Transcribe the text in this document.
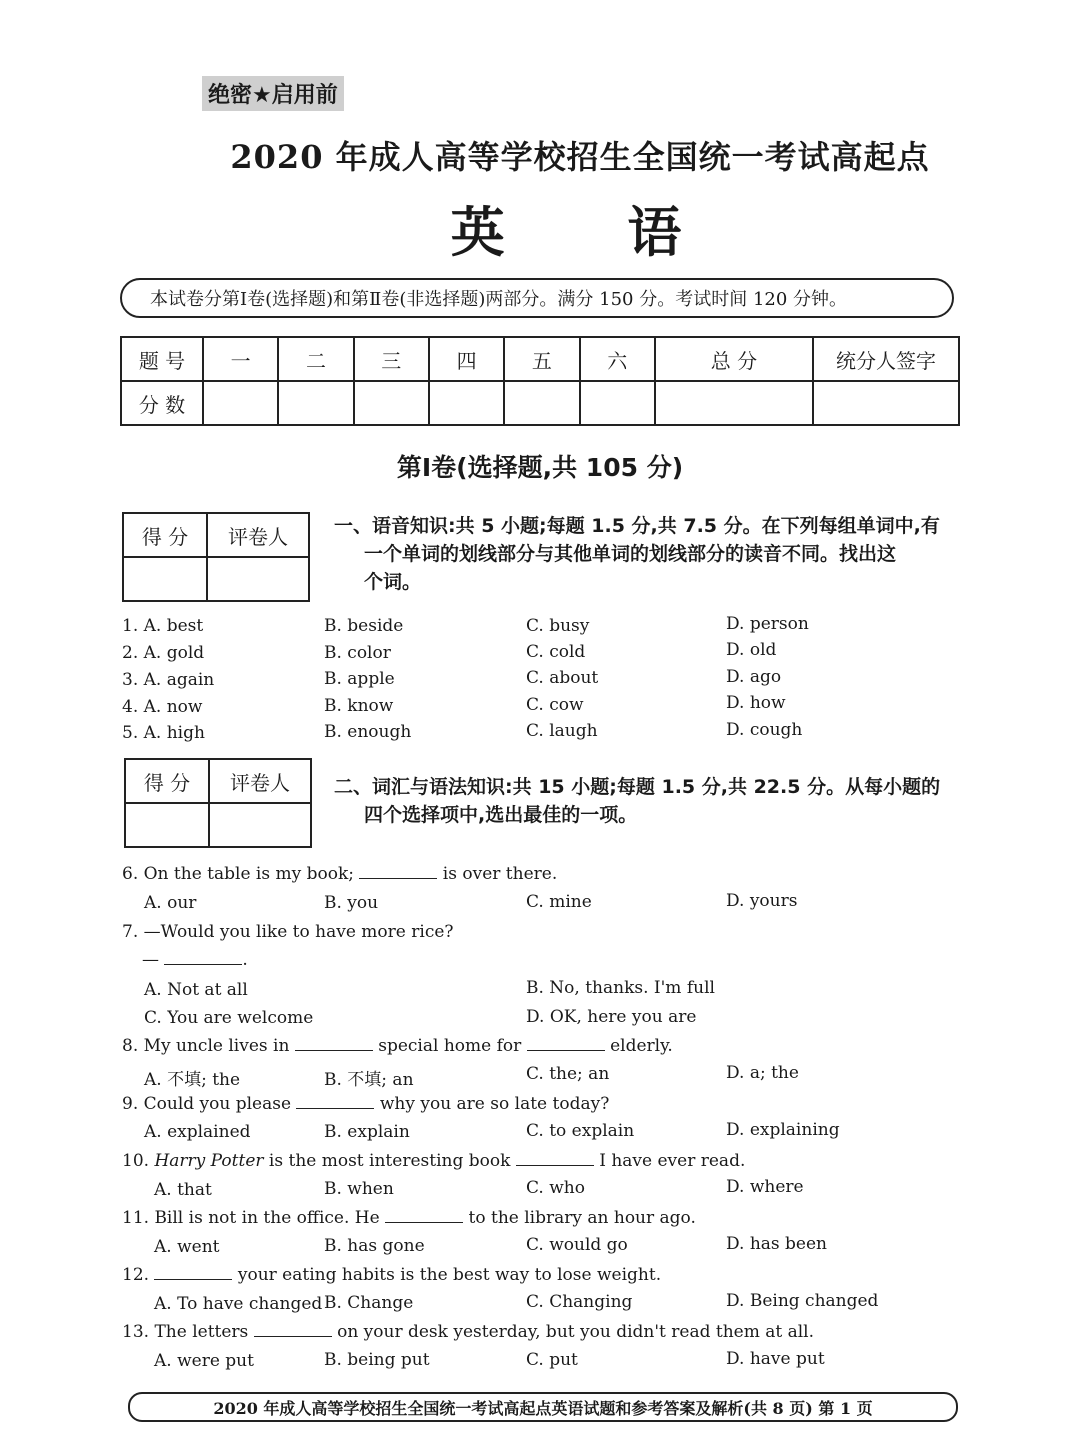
绝密★启用前
2020 年成人高等学校招生全国统一考试高起点
英 语
本试卷分第Ⅰ卷(选择题)和第Ⅱ卷(非选择题)两部分。满分 150 分。考试时间 120 分钟。
题 号	一	二	三	四	五	六	总 分	统分人签字
分 数								
第Ⅰ卷(选择题,共 105 分)
得 分	评卷人
	一、语音知识:共 5 小题;每题 1.5 分,共 7.5 分。在下列每组单词中,有
一个单词的划线部分与其他单词的划线部分的读音不同。找出这
个词。
1. A. best	B. beside	C. busy	D. person
2. A. gold	B. color	C. cold	D. old
3. A. again	B. apple	C. about	D. ago
4. A. now	B. know	C. cow	D. how
5. A. high	B. enough	C. laugh	D. cough
得 分	评卷人
	二、词汇与语法知识:共 15 小题;每题 1.5 分,共 22.5 分。从每小题的
四个选择项中,选出最佳的一项。
6. On the table is my book;	is over there.
A. our	B. you	C. mine	D. yours
7. —Would you like to have more rice?
—	.
A. Not at all	B. No, thanks. I'm full
C. You are welcome	D. OK, here you are
8. My uncle lives in	special home for	elderly.
A. 不填; the	B. 不填; an	C. the; an	D. a; the
9. Could you please	why you are so late today?
A. explained	B. explain	C. to explain	D. explaining
10. Harry Potter is the most interesting book	I have ever read.
A. that	B. when	C. who	D. where
11. Bill is not in the office. He	to the library an hour ago.
A. went	B. has gone	C. would go	D. has been
12.	your eating habits is the best way to lose weight.
A. To have changed B. Change	C. Changing	D. Being changed
13. The letters	on your desk yesterday, but you didn't read them at all.
A. were put	B. being put	C. put	D. have put
2020 年成人高等学校招生全国统一考试高起点英语试题和参考答案及解析(共 8 页) 第 1 页
